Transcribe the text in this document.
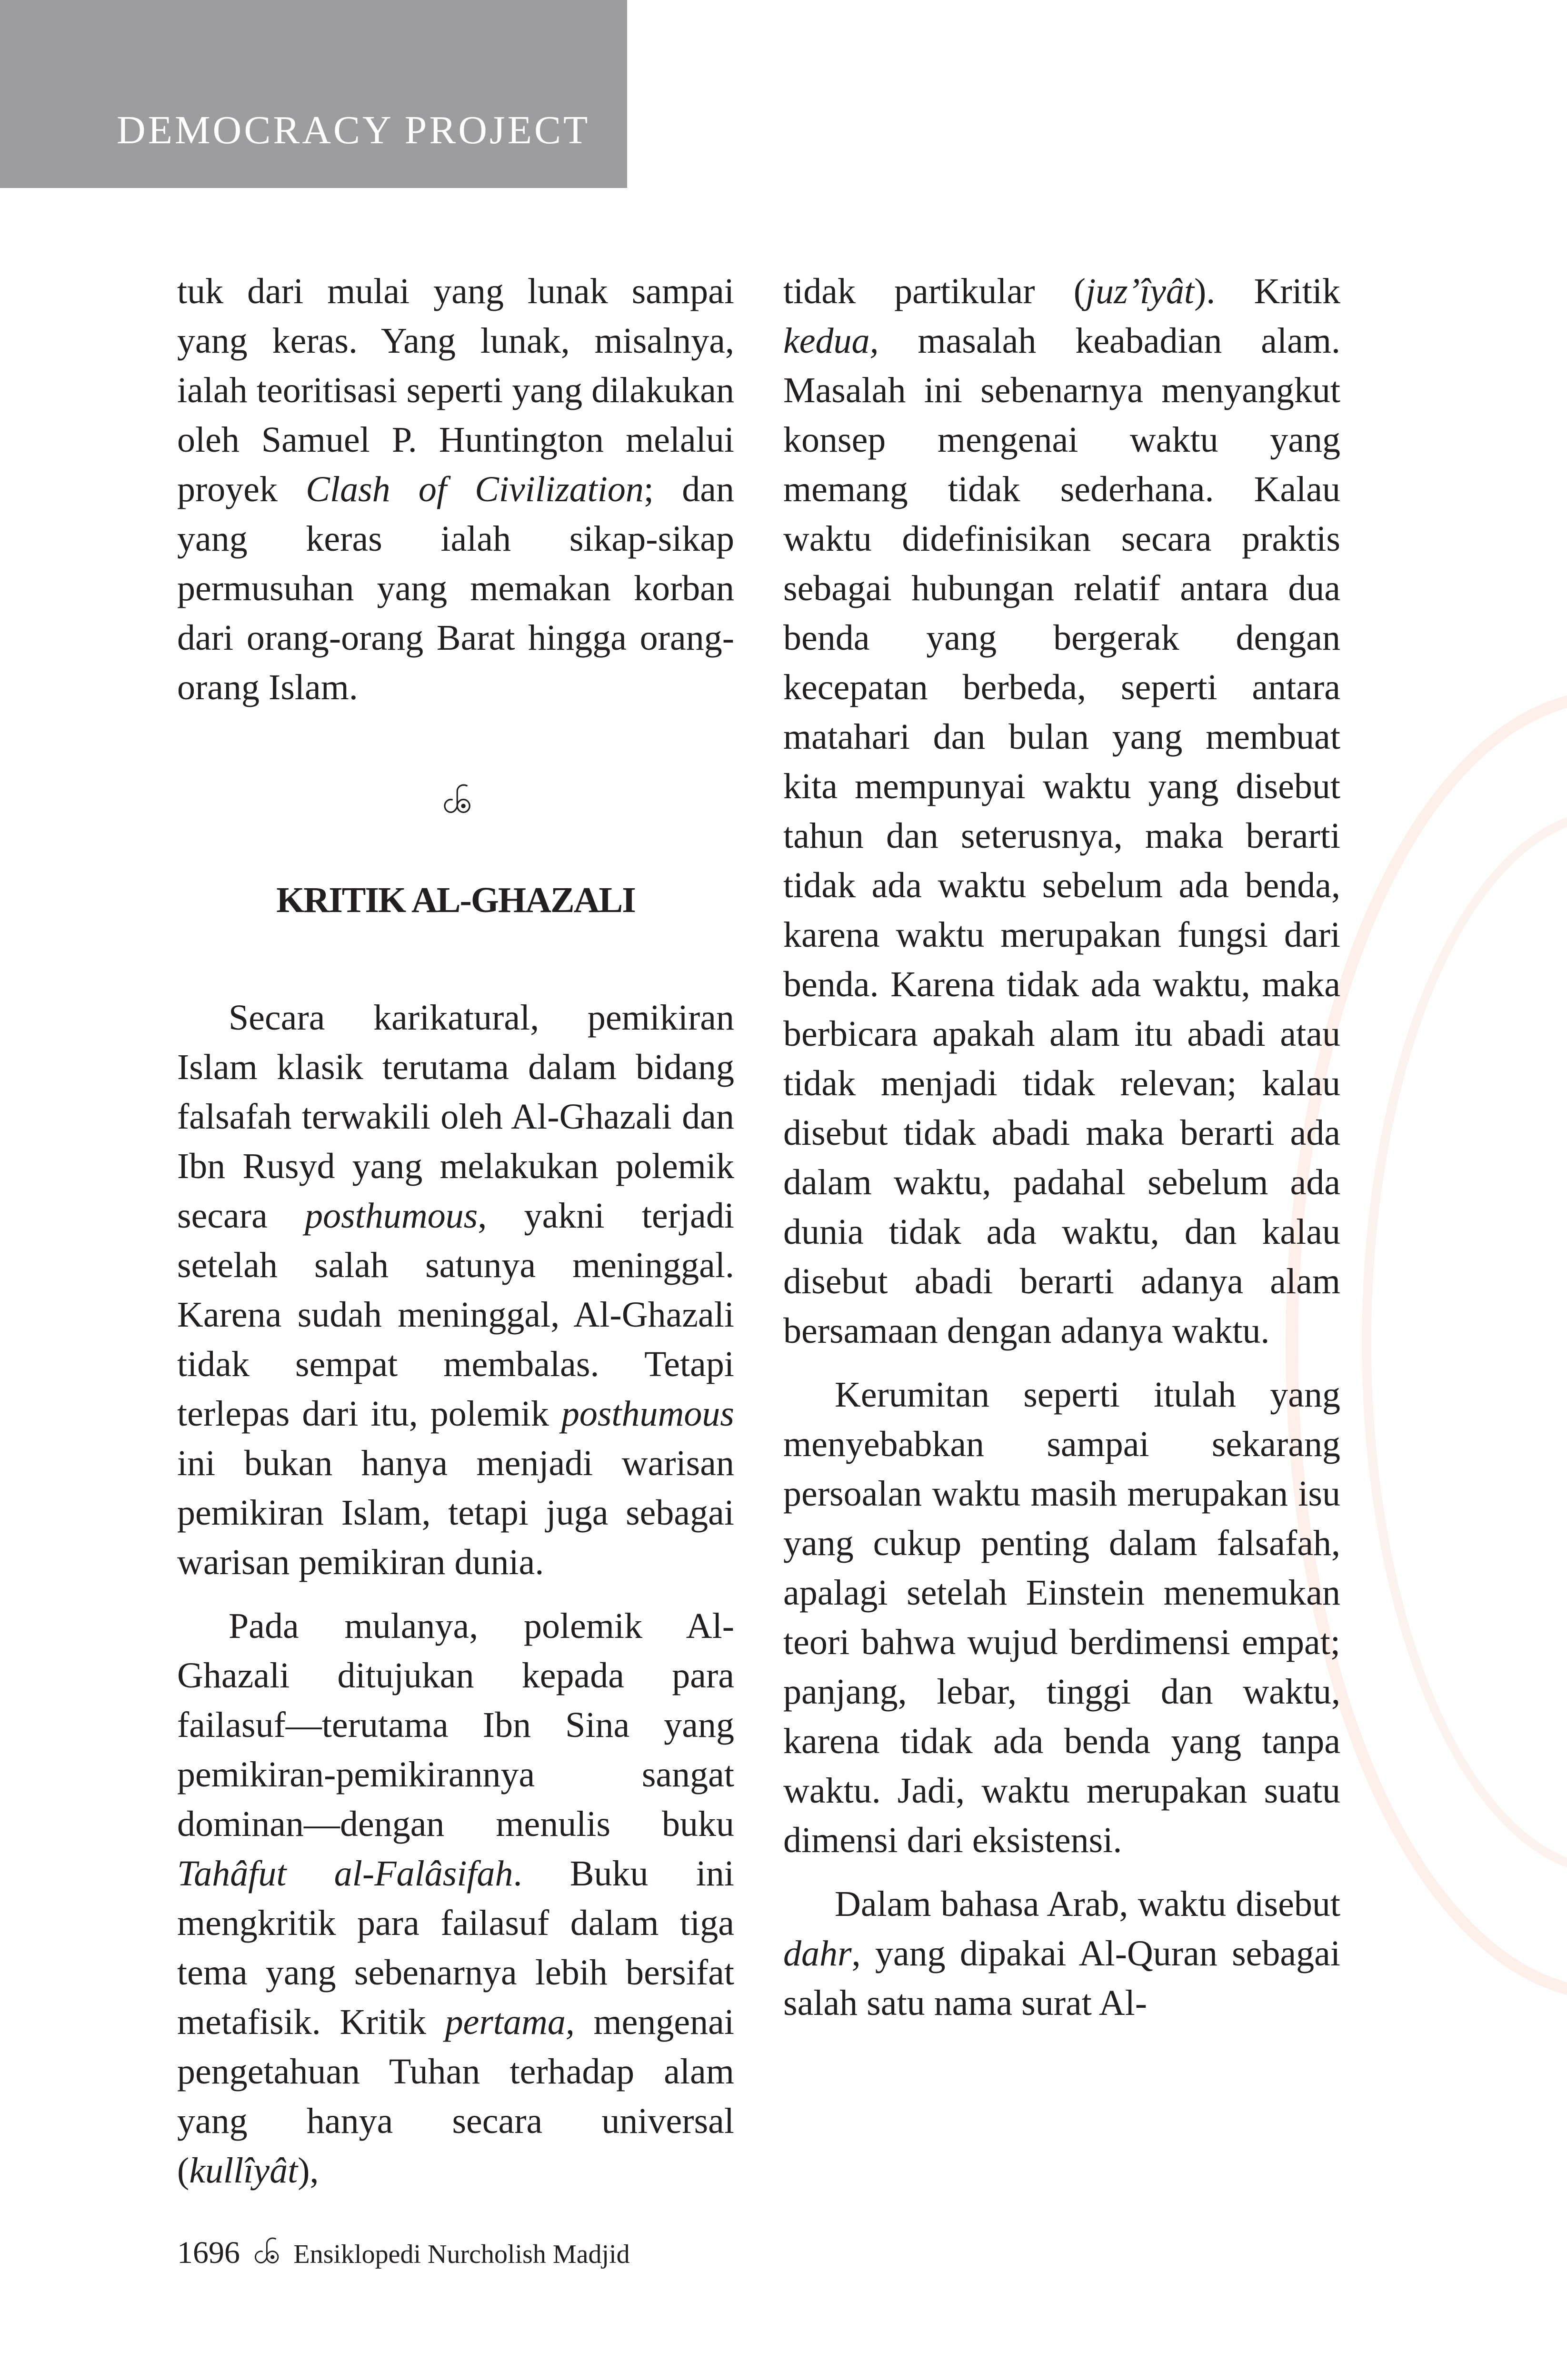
DEMOCRACY PROJECT

tuk dari mulai yang lunak sampai yang keras. Yang lunak, misalnya, ialah teoritisasi seperti yang dilakukan oleh Samuel P. Huntington melalui proyek Clash of Civilization; dan yang keras ialah sikap-sikap permusuhan yang memakan korban dari orang-orang Barat hingga orang-orang Islam.

ꧾ
KRITIK AL-GHAZALI

Secara karikatural, pemikiran Islam klasik terutama dalam bidang falsafah terwakili oleh Al-Ghazali dan Ibn Rusyd yang melakukan polemik secara posthumous, yakni terjadi setelah salah satunya meninggal. Karena sudah meninggal, Al-Ghazali tidak sempat membalas. Tetapi terlepas dari itu, polemik posthumous ini bukan hanya menjadi warisan pemikiran Islam, tetapi juga sebagai warisan pemikiran dunia.

Pada mulanya, polemik Al-Ghazali ditujukan kepada para failasuf—terutama Ibn Sina yang pemikiran-pemikirannya sangat dominan—dengan menulis buku Tahâfut al-Falâsifah. Buku ini mengkritik para failasuf dalam tiga tema yang sebenarnya lebih bersifat metafisik. Kritik pertama, mengenai pengetahuan Tuhan terhadap alam yang hanya secara universal (kullîyât),

tidak partikular (juz’îyât). Kritik kedua, masalah keabadian alam. Masalah ini sebenarnya menyangkut konsep mengenai waktu yang memang tidak sederhana. Kalau waktu didefinisikan secara praktis sebagai hubungan relatif antara dua benda yang bergerak dengan kecepatan berbeda, seperti antara matahari dan bulan yang membuat kita mempunyai waktu yang disebut tahun dan seterusnya, maka berarti tidak ada waktu sebelum ada benda, karena waktu merupakan fungsi dari benda. Karena tidak ada waktu, maka berbicara apakah alam itu abadi atau tidak menjadi tidak relevan; kalau disebut tidak abadi maka berarti ada dalam waktu, padahal sebelum ada dunia tidak ada waktu, dan kalau disebut abadi berarti adanya alam bersamaan dengan adanya waktu.

Kerumitan seperti itulah yang menyebabkan sampai sekarang persoalan waktu masih merupakan isu yang cukup penting dalam falsafah, apalagi setelah Einstein menemukan teori bahwa wujud berdimensi empat; panjang, lebar, tinggi dan waktu, karena tidak ada benda yang tanpa waktu. Jadi, waktu merupakan suatu dimensi dari eksistensi.

Dalam bahasa Arab, waktu disebut dahr, yang dipakai Al-Quran sebagai salah satu nama surat Al-

1696 ꧾ Ensiklopedi Nurcholish Madjid
